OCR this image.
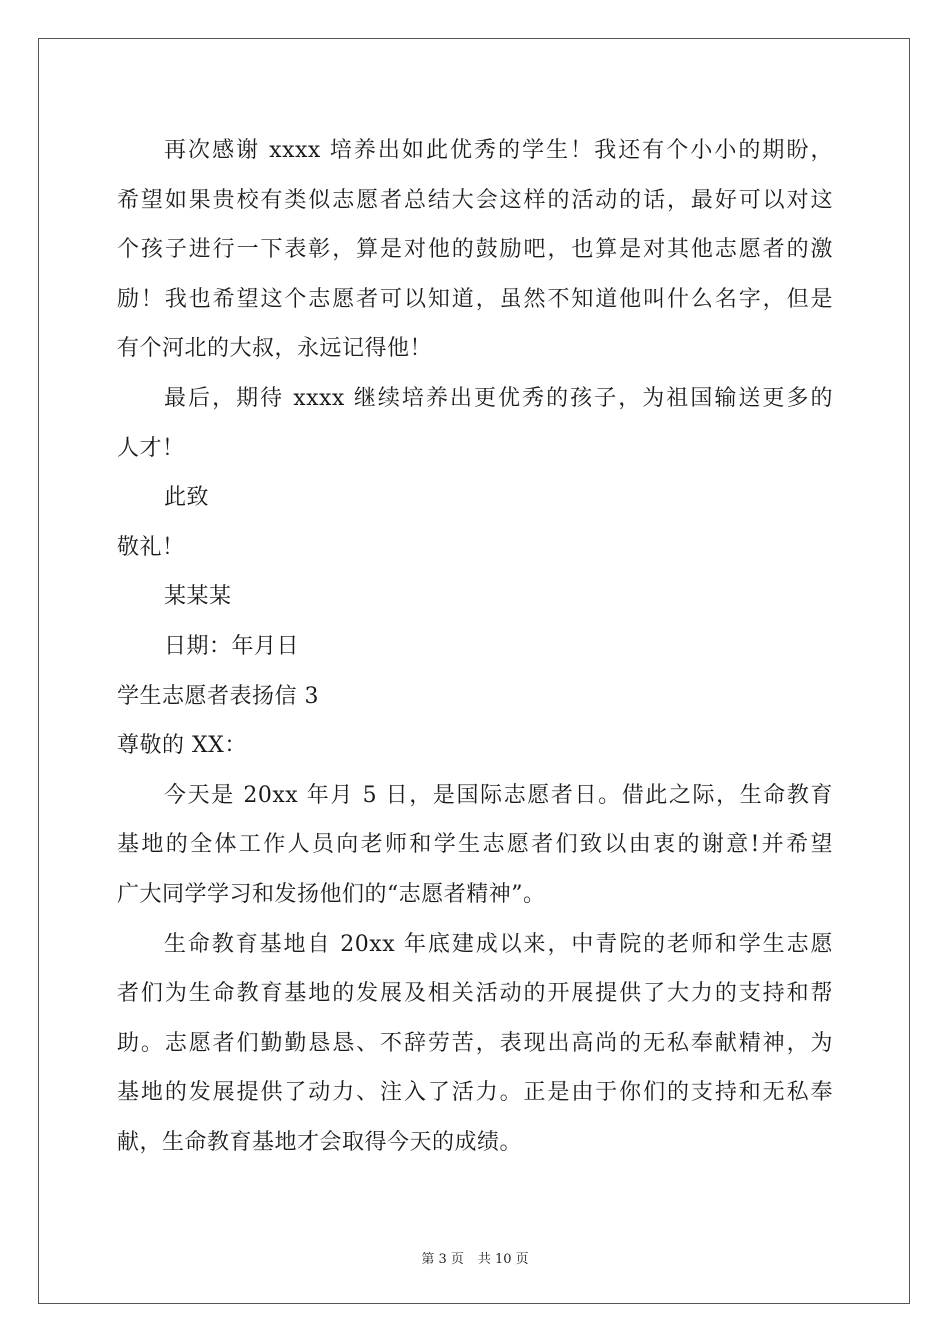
再次感谢 xxxx 培养出如此优秀的学生！我还有个小小的期盼，
希望如果贵校有类似志愿者总结大会这样的活动的话，最好可以对这
个孩子进行一下表彰，算是对他的鼓励吧，也算是对其他志愿者的激
励！我也希望这个志愿者可以知道，虽然不知道他叫什么名字，但是
有个河北的大叔，永远记得他！
最后，期待 xxxx 继续培养出更优秀的孩子，为祖国输送更多的
人才！
此致
敬礼！
某某某
日期：年月日
学生志愿者表扬信 3
尊敬的 XX：
今天是 20xx 年月 5 日，是国际志愿者日。借此之际，生命教育
基地的全体工作人员向老师和学生志愿者们致以由衷的谢意!并希望
广大同学学习和发扬他们的“志愿者精神”。
生命教育基地自 20xx 年底建成以来，中青院的老师和学生志愿
者们为生命教育基地的发展及相关活动的开展提供了大力的支持和帮
助。志愿者们勤勤恳恳、不辞劳苦，表现出高尚的无私奉献精神，为
基地的发展提供了动力、注入了活力。正是由于你们的支持和无私奉
献，生命教育基地才会取得今天的成绩。
第 3 页 共 10 页
